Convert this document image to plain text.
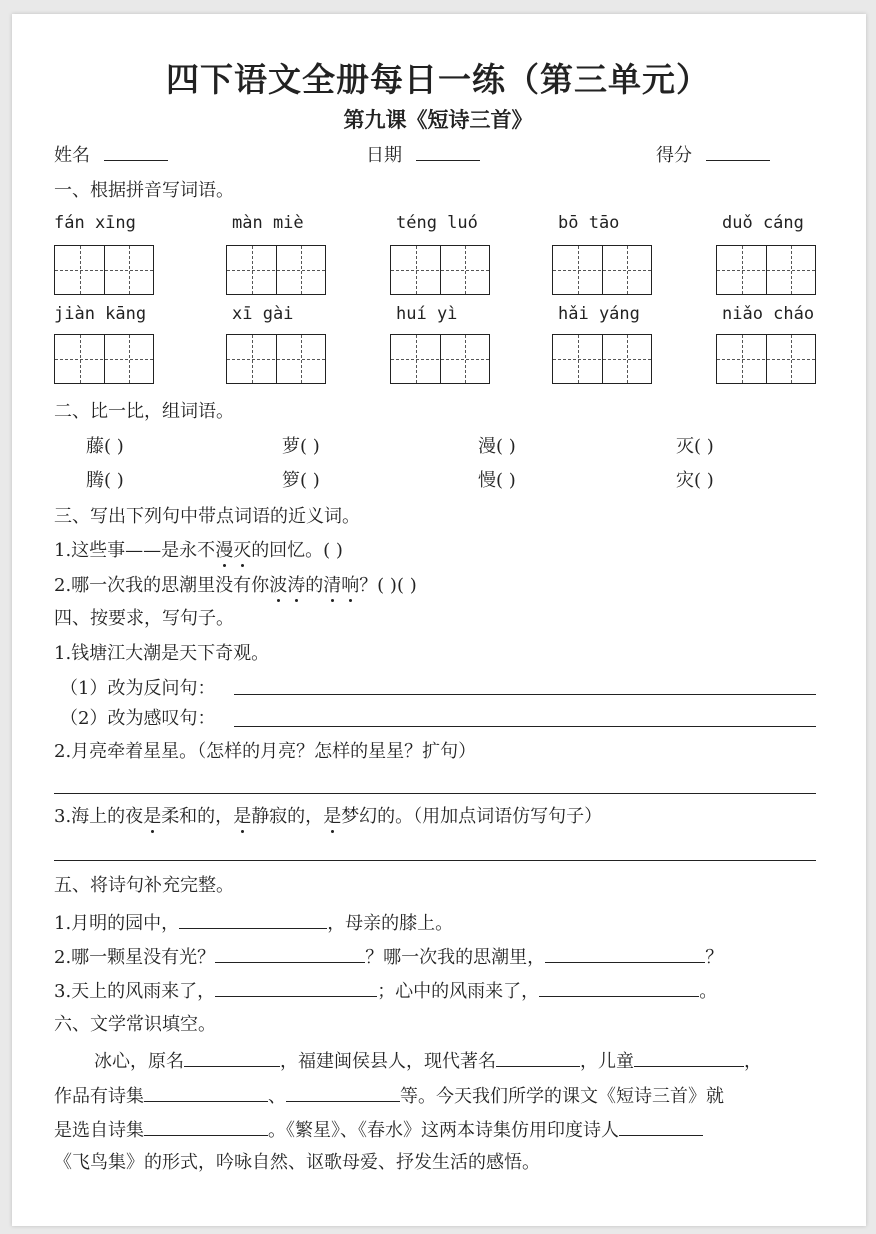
四下语文全册每日一练（第三单元）
第九课《短诗三首》
姓名	日期	得分
一、根据拼音写词语。
fán xīng	màn miè	téng luó	bō tāo	duǒ cáng
jiàn kāng	xī gài	huí yì	hǎi yáng	niǎo cháo
二、比一比，组词语。
藤( )	萝( )	漫( )	灭( )
腾( )	箩( )	慢( )	灾( )
三、写出下列句中带点词语的近义词。
1.这些事——是永不漫灭的回忆。( )
2.哪一次我的思潮里没有你波涛的清响？( )( )
四、按要求，写句子。
1.钱塘江大潮是天下奇观。
（1）改为反问句：
（2）改为感叹句：
2.月亮牵着星星。（怎样的月亮？怎样的星星？扩句）
3.海上的夜是柔和的，是静寂的，是梦幻的。（用加点词语仿写句子）
五、将诗句补充完整。
1.月明的园中，	，母亲的膝上。
2.哪一颗星没有光？	？哪一次我的思潮里，	？
3.天上的风雨来了，	；心中的风雨来了，	。
六、文学常识填空。
冰心，原名	，福建闽侯县人，现代著名	，儿童	，
作品有诗集	、	等。今天我们所学的课文《短诗三首》就
是选自诗集	。《繁星》、《春水》这两本诗集仿用印度诗人
《飞鸟集》的形式，吟咏自然、讴歌母爱、抒发生活的感悟。
